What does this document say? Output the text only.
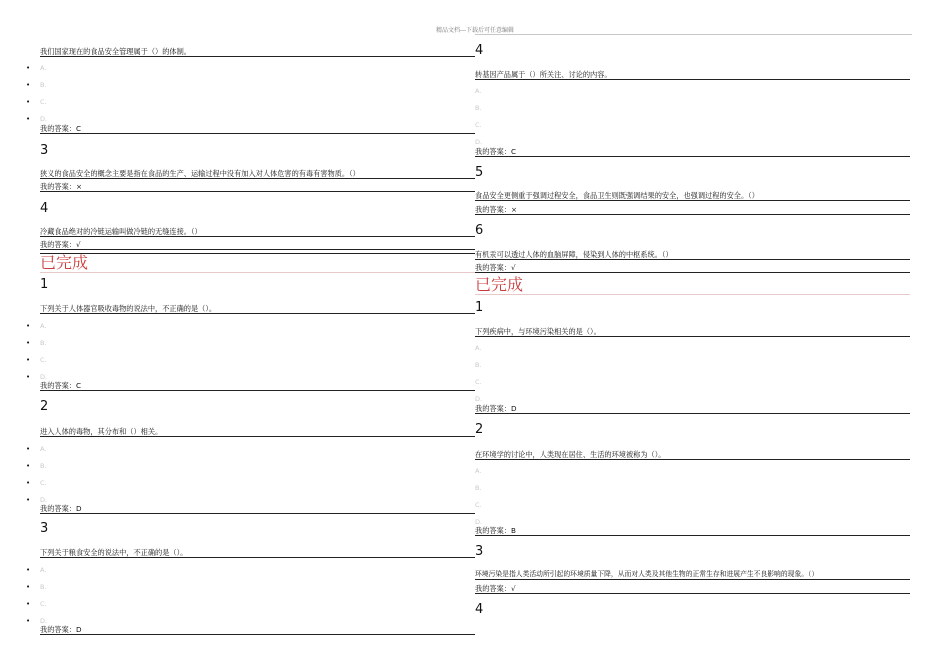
精品文档---下载后可任意编辑
我们国家现在的食品安全管理属于（）的体制。
• A.
• B.
• C.
• D.
我的答案：C
3
狭义的食品安全的概念主要是指在食品的生产、运输过程中没有加入对人体危害的有毒有害物质。（）
我的答案：×
4
冷藏食品绝对的冷链运输叫做冷链的无缝连接。（）
我的答案：√
已完成
1
下列关于人体器官吸收毒物的说法中，不正确的是（）。
• A.
• B.
• C.
• D.
我的答案：C
2
进入人体的毒物，其分布和（）相关。
• A.
• B.
• C.
• D.
我的答案：D
3
下列关于粮食安全的说法中，不正确的是（）。
• A.
• B.
• C.
• D.
我的答案：D
4
转基因产品属于（）所关注、讨论的内容。
A.
B.
C.
D.
我的答案：C
5
食品安全更侧重于强调过程安全，食品卫生则既强调结果的安全，也强调过程的安全。（）
我的答案：×
6
有机汞可以透过人体的血脑屏障，侵染到人体的中枢系统。（）
我的答案：√
已完成
1
下列疾病中，与环境污染相关的是（）。
A.
B.
C.
D.
我的答案：D
2
在环境学的讨论中，人类现在居住、生活的环境被称为（）。
A.
B.
C.
D.
我的答案：B
3
环境污染是指人类活动所引起的环境质量下降，从而对人类及其他生物的正常生存和进展产生不良影响的现象。（）
我的答案：√
4
